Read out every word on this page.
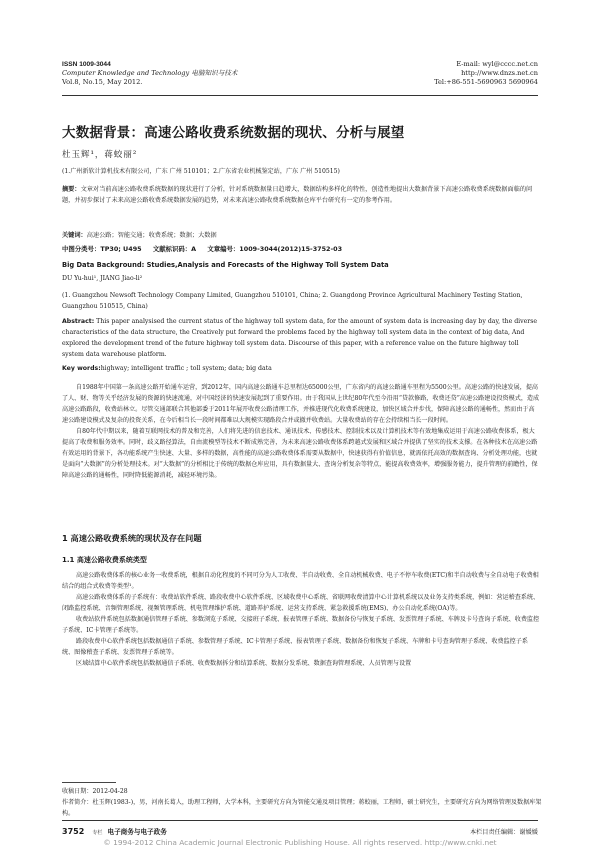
ISSN 1009-3044
Computer Knowledge and Technology 电脑知识与技术
Vol.8, No.15, May 2012.
E-mail: wyl@cccc.net.cn
http://www.dnzs.net.cn
Tel:+86-551-5690963 5690964
大数据背景：高速公路收费系统数据的现状、分析与展望
杜玉辉¹，蒋蛟丽²
(1.广州新软计算机技术有限公司，广东 广州 510101；2.广东省农业机械鉴定站，广东 广州 510515)
摘要：文章对当前高速公路收费系统数据的现状进行了分析，针对系统数据量日趋增大，数据结构多样化的特性，创造性地提出大数据背景下高速公路收费系统数据面临的问题，并初步探讨了未来高速公路收费系统数据发展的趋势，对未来高速公路收费系统数据仓库平台研究有一定的参考作用。
关键词：高速公路；智能交通；收费系统；数据；大数据
中图分类号：TP30; U495 文献标识码：A 文章编号：1009-3044(2012)15-3752-03
Big Data Background: Studies,Analysis and Forecasts of the Highway Toll System Data
DU Yu-hui¹, JIANG Jiao-li²
(1. Guangzhou Newsoft Technology Company Limited, Guangzhou 510101, China; 2. Guangdong Province Agricultural Machinery Testing Station, Guangzhou 510515, China)
Abstract: This paper analysised the current status of the highway toll system data, for the amount of system data is increasing day by day, the diverse characteristics of the data structure, the Creatively put forward the problems faced by the highway toll system data in the context of big data, And explored the development trend of the future highway toll system data. Discourse of this paper, with a reference value on the future highway toll system data warehouse platform.
Key words:highway; intelligent traffic ; toll system; data; big data

自1988年中国第一条高速公路开始通车运营，到2012年，国内高速公路通车总里程达65000公里，广东省内的高速公路通车里程为5500公里。高速公路的快速发展，提高了人、财、物等关乎经济发展的资源的快速流通，对中国经济的快速发展起到了重要作用。由于我国从上世纪80年代至今沿用“贷款修路，收费还贷”高速公路建设投资模式，造成高速公路路段，收费站林立。尽管交通部联合其他部委于2011年展开收费公路清理工作，并推进现代化收费系统建设，加快区域合并步伐，保障高速公路的通畅性，然而由于高速公路建设模式及复杂的投资关系，在今后相当长一段时间都难以大规模实现路段合并或撤并收费站。大量收费站的存在会持续相当长一段时间。

自80年代中期以来，随着互联网技术的普及和完善，人们将先进的信息技术、通讯技术、传感技术、控制技术以及计算机技术等有效地集成运用于高速公路收费体系，极大提高了收费和服务效率。同时，歧义路径算法，自由流模型等技术不断成熟完善，为未来高速公路收费体系跨越式发展和区域合并提供了坚实的技术支撑。在各种技术在高速公路有效运用的背景下，各功能系统产生快速、大量、多样的数据，高性能的高速公路收费体系需要从数据中，快速获得有价值信息，就需依托高效的数据查询、分析处理功能，也就是面向“大数据”的分析处理技术。对“大数据”的分析相比于传统的数据仓库应用，具有数据量大、查询分析复杂等特点，能提高收费效率，增强服务能力，提升管理的前瞻性，保障高速公路的通畅性，同时降低能源消耗，减轻环境污染。

1 高速公路收费系统的现状及存在问题
1.1 高速公路收费系统类型

高速公路收费体系的核心业务一收费系统，根据自动化程度的不同可分为人工收费、半自动收费、全自动机械收费、电子不停车收费(ETC)和半自动收费与全自动电子收费相结合的组合式收费等类型¹。

高速公路收费体系的子系统有：收费站软件系统、路段收费中心软件系统、区域收费中心系统、省联网收费清算中心计算机系统以及业务支持类系统，例如：营运稽查系统、闭路监控系统、音频管理系统、视频管理系统、机电管理维护系统、道路养护系统、运营支持系统、紧急救援系统(EMS)、办公自动化系统(OA)等。

收费站软件系统包括数据通信管理子系统、参数浏览子系统、交接班子系统、报表管理子系统、数据备份与恢复子系统、发票管理子系统、车牌及卡号查询子系统、收费监控子系统、IC卡管理子系统等。

路段收费中心软件系统包括数据通信子系统、参数管理子系统、IC卡管理子系统、报表管理子系统、数据备份和恢复子系统、车牌和卡号查询管理子系统、收费监控子系统、图像稽查子系统、发票管理子系统等。

区域结算中心软件系统包括数据通信子系统、收费数据拆分和结算系统、数据分发系统、数据查询管理系统、人员管理与设置

收稿日期：2012-04-28
作者简介：杜玉辉(1983-)，男，河南长葛人，助理工程师，大学本科，主要研究方向为智能交通及项目管理；蒋蛟丽，工程师，硕士研究生，主要研究方向为网络管理及数据库架构。
3752 专栏 电子商务与电子政务	本栏目责任编辑：谢媛媛
© 1994-2012 China Academic Journal Electronic Publishing House. All rights reserved. http://www.cnki.net
